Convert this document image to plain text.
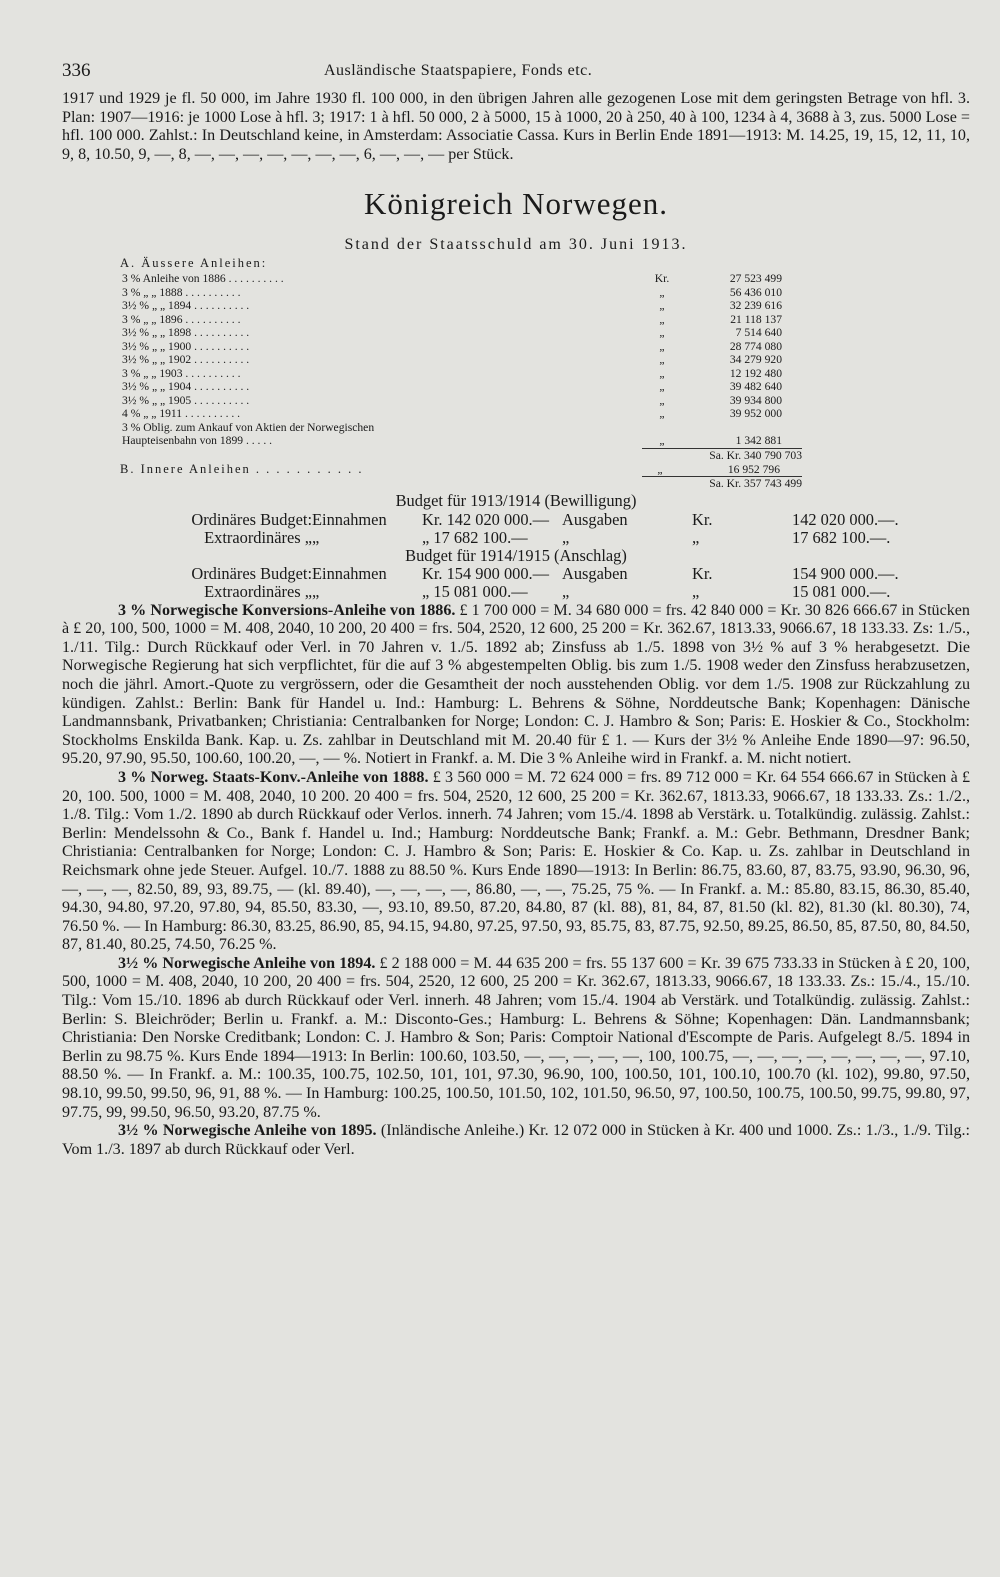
336	Ausländische Staatspapiere, Fonds etc.

1917 und 1929 je fl. 50 000, im Jahre 1930 fl. 100 000, in den übrigen Jahren alle gezogenen Lose mit dem geringsten Betrage von hfl. 3. Plan: 1907—1916: je 1000 Lose à hfl. 3; 1917: 1 à hfl. 50 000, 2 à 5000, 15 à 1000, 20 à 250, 40 à 100, 1234 à 4, 3688 à 3, zus. 5000 Lose = hfl. 100 000. Zahlst.: In Deutschland keine, in Amsterdam: Associatie Cassa. Kurs in Berlin Ende 1891—1913: M. 14.25, 19, 15, 12, 11, 10, 9, 8, 10.50, 9, —, 8, —, —, —, —, —, —, —, 6, —, —, — per Stück.

Königreich Norwegen.
Stand der Staatsschuld am 30. Juni 1913.
A. Äussere Anleihen:
3 % Anleihe von 1886 . . . . . . . . . .	Kr.	27 523 499
3 % „ „ 1888 . . . . . . . . . .	„	56 436 010
3½ % „ „ 1894 . . . . . . . . . .	„	32 239 616
3 % „ „ 1896 . . . . . . . . . .	„	21 118 137
3½ % „ „ 1898 . . . . . . . . . .	„	7 514 640
3½ % „ „ 1900 . . . . . . . . . .	„	28 774 080
3½ % „ „ 1902 . . . . . . . . . .	„	34 279 920
3 % „ „ 1903 . . . . . . . . . .	„	12 192 480
3½ % „ „ 1904 . . . . . . . . . .	„	39 482 640
3½ % „ „ 1905 . . . . . . . . . .	„	39 934 800
4 % „ „ 1911 . . . . . . . . . .	„	39 952 000
3 % Oblig. zum Ankauf von Aktien der Norwegischen
Haupteisenbahn von 1899 . . . . .	„	1 342 881
Sa. Kr. 340 790 703
B. Innere Anleihen . . . . . . . . . . .	„	16 952 796
Sa. Kr. 357 743 499

Budget für 1913/1914 (Bewilligung)

Ordinäres Budget: Einnahmen	Kr. 142 020 000.— Ausgaben	Kr.	142 020 000.—.
Extraordinäres „ „	„ 17 682 100.—	„	„	17 682 100.—.

Budget für 1914/1915 (Anschlag)

Ordinäres Budget: Einnahmen	Kr. 154 900 000.— Ausgaben	Kr.	154 900 000.—.
Extraordinäres „ „	„ 15 081 000.—	„	„	15 081 000.—.

3 % Norwegische Konversions-Anleihe von 1886. £ 1 700 000 = M. 34 680 000 = frs. 42 840 000 = Kr. 30 826 666.67 in Stücken à £ 20, 100, 500, 1000 = M. 408, 2040, 10 200, 20 400 = frs. 504, 2520, 12 600, 25 200 = Kr. 362.67, 1813.33, 9066.67, 18 133.33. Zs: 1./5., 1./11. Tilg.: Durch Rückkauf oder Verl. in 70 Jahren v. 1./5. 1892 ab; Zinsfuss ab 1./5. 1898 von 3½ % auf 3 % herabgesetzt. Die Norwegische Regierung hat sich verpflichtet, für die auf 3 % abgestempelten Oblig. bis zum 1./5. 1908 weder den Zinsfuss herabzusetzen, noch die jährl. Amort.-Quote zu vergrössern, oder die Gesamtheit der noch ausstehenden Oblig. vor dem 1./5. 1908 zur Rückzahlung zu kündigen. Zahlst.: Berlin: Bank für Handel u. Ind.: Hamburg: L. Behrens & Söhne, Norddeutsche Bank; Kopenhagen: Dänische Landmannsbank, Privatbanken; Christiania: Centralbanken for Norge; London: C. J. Hambro & Son; Paris: E. Hoskier & Co., Stockholm: Stockholms Enskilda Bank. Kap. u. Zs. zahlbar in Deutschland mit M. 20.40 für £ 1. — Kurs der 3½ % Anleihe Ende 1890—97: 96.50, 95.20, 97.90, 95.50, 100.60, 100.20, —, — %. Notiert in Frankf. a. M. Die 3 % Anleihe wird in Frankf. a. M. nicht notiert.

3 % Norweg. Staats-Konv.-Anleihe von 1888. £ 3 560 000 = M. 72 624 000 = frs. 89 712 000 = Kr. 64 554 666.67 in Stücken à £ 20, 100. 500, 1000 = M. 408, 2040, 10 200. 20 400 = frs. 504, 2520, 12 600, 25 200 = Kr. 362.67, 1813.33, 9066.67, 18 133.33. Zs.: 1./2., 1./8. Tilg.: Vom 1./2. 1890 ab durch Rückkauf oder Verlos. innerh. 74 Jahren; vom 15./4. 1898 ab Verstärk. u. Totalkündig. zulässig. Zahlst.: Berlin: Mendelssohn & Co., Bank f. Handel u. Ind.; Hamburg: Norddeutsche Bank; Frankf. a. M.: Gebr. Bethmann, Dresdner Bank; Christiania: Centralbanken for Norge; London: C. J. Hambro & Son; Paris: E. Hoskier & Co. Kap. u. Zs. zahlbar in Deutschland in Reichsmark ohne jede Steuer. Aufgel. 10./7. 1888 zu 88.50 %. Kurs Ende 1890—1913: In Berlin: 86.75, 83.60, 87, 83.75, 93.90, 96.30, 96, —, —, —, 82.50, 89, 93, 89.75, — (kl. 89.40), —, —, —, —, 86.80, —, —, 75.25, 75 %. — In Frankf. a. M.: 85.80, 83.15, 86.30, 85.40, 94.30, 94.80, 97.20, 97.80, 94, 85.50, 83.30, —, 93.10, 89.50, 87.20, 84.80, 87 (kl. 88), 81, 84, 87, 81.50 (kl. 82), 81.30 (kl. 80.30), 74, 76.50 %. — In Hamburg: 86.30, 83.25, 86.90, 85, 94.15, 94.80, 97.25, 97.50, 93, 85.75, 83, 87.75, 92.50, 89.25, 86.50, 85, 87.50, 80, 84.50, 87, 81.40, 80.25, 74.50, 76.25 %.

3½ % Norwegische Anleihe von 1894. £ 2 188 000 = M. 44 635 200 = frs. 55 137 600 = Kr. 39 675 733.33 in Stücken à £ 20, 100, 500, 1000 = M. 408, 2040, 10 200, 20 400 = frs. 504, 2520, 12 600, 25 200 = Kr. 362.67, 1813.33, 9066.67, 18 133.33. Zs.: 15./4., 15./10. Tilg.: Vom 15./10. 1896 ab durch Rückkauf oder Verl. innerh. 48 Jahren; vom 15./4. 1904 ab Verstärk. und Totalkündig. zulässig. Zahlst.: Berlin: S. Bleichröder; Berlin u. Frankf. a. M.: Disconto-Ges.; Hamburg: L. Behrens & Söhne; Kopenhagen: Dän. Landmannsbank; Christiania: Den Norske Creditbank; London: C. J. Hambro & Son; Paris: Comptoir National d'Escompte de Paris. Aufgelegt 8./5. 1894 in Berlin zu 98.75 %. Kurs Ende 1894—1913: In Berlin: 100.60, 103.50, —, —, —, —, —, 100, 100.75, —, —, —, —, —, —, —, —, 97.10, 88.50 %. — In Frankf. a. M.: 100.35, 100.75, 102.50, 101, 101, 97.30, 96.90, 100, 100.50, 101, 100.10, 100.70 (kl. 102), 99.80, 97.50, 98.10, 99.50, 99.50, 96, 91, 88 %. — In Hamburg: 100.25, 100.50, 101.50, 102, 101.50, 96.50, 97, 100.50, 100.75, 100.50, 99.75, 99.80, 97, 97.75, 99, 99.50, 96.50, 93.20, 87.75 %.

3½ % Norwegische Anleihe von 1895. (Inländische Anleihe.) Kr. 12 072 000 in Stücken à Kr. 400 und 1000. Zs.: 1./3., 1./9. Tilg.: Vom 1./3. 1897 ab durch Rückkauf oder Verl.
